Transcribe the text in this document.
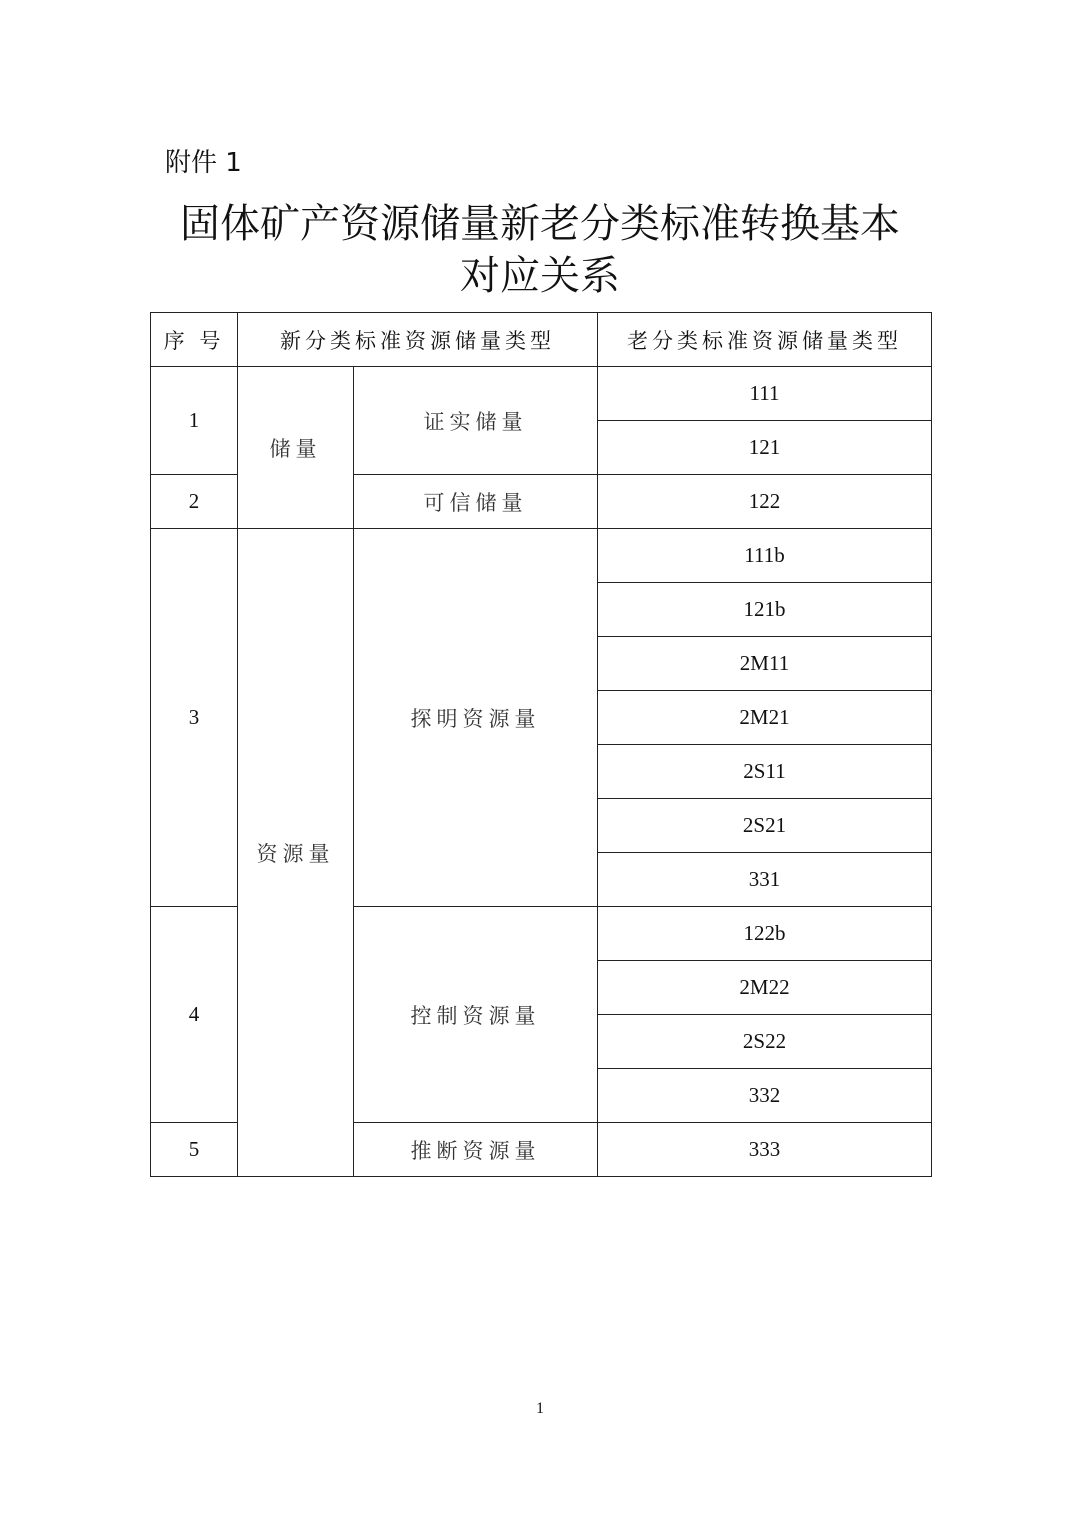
附件 1
固体矿产资源储量新老分类标准转换基本
对应关系
序 号	新分类标准资源储量类型		老分类标准资源储量类型
1	储量	证实储量	111
			121
2		可信储量	122
3	资源量	探明资源量	111b
			121b
			2M11
			2M21
			2S11
			2S21
			331
4		控制资源量	122b
			2M22
			2S22
			332
5		推断资源量	333
1
